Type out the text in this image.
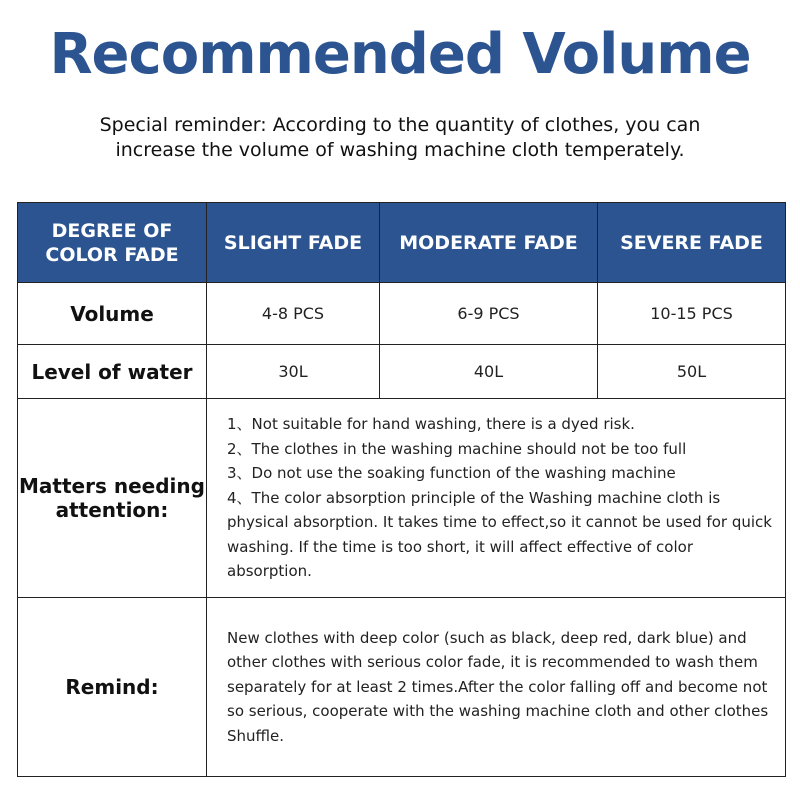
Recommended Volume
Special reminder: According to the quantity of clothes, you can
increase the volume of washing machine cloth temperately.
DEGREE OF
COLOR FADE	SLIGHT FADE	MODERATE FADE	SEVERE FADE
Volume	4-8 PCS	6-9 PCS	10-15 PCS
Level of water	30L	40L	50L

Matters needing
attention:	1、Not suitable for hand washing, there is a dyed risk.
2、The clothes in the washing machine should not be too full
3、Do not use the soaking function of the washing machine
4、The color absorption principle of the Washing machine cloth is physical absorption. It takes time to effect,so it cannot be used for quick washing. If the time is too short, it will affect effective of color absorption.		

Remind:	New clothes with deep color (such as black, deep red, dark blue) and other clothes with serious color fade, it is recommended to wash them separately for at least 2 times.After the color falling off and become not so serious, cooperate with the washing machine cloth and other clothes Shuffle.		
